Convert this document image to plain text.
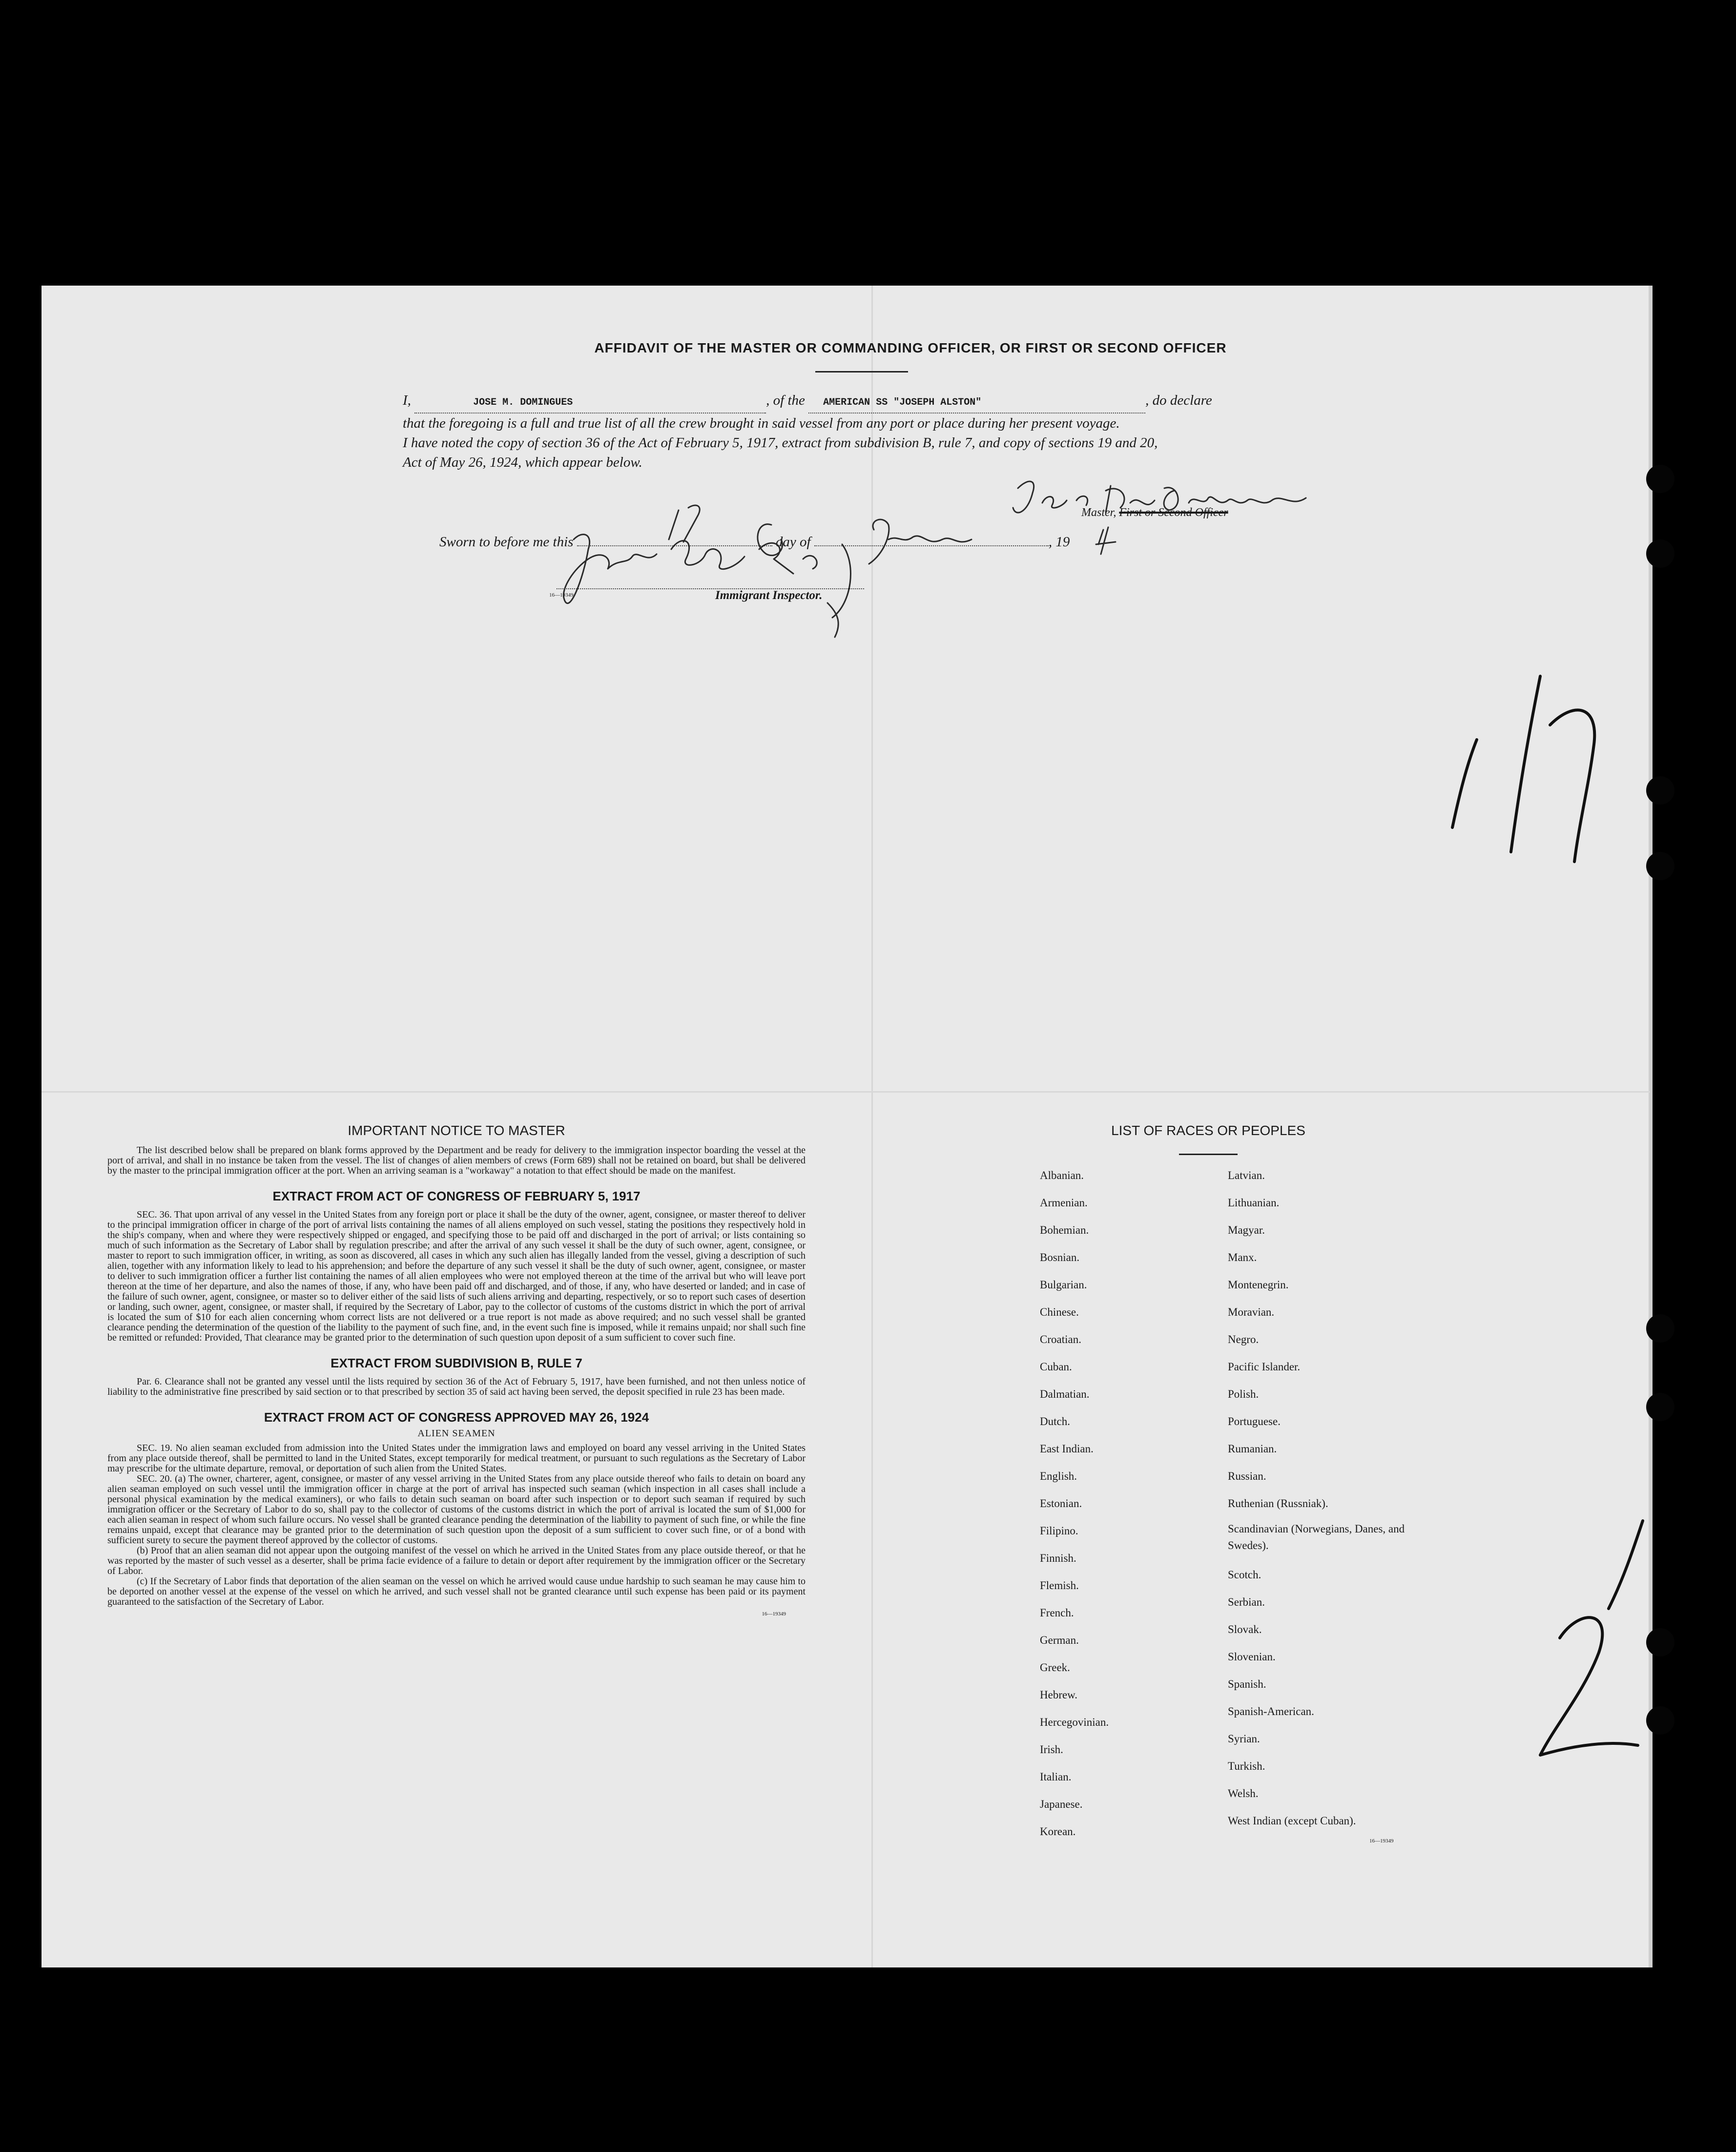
AFFIDAVIT OF THE MASTER OR COMMANDING OFFICER, OR FIRST OR SECOND OFFICER
I,	JOSE M. DOMINGUES	, of the AMERICAN SS "JOSEPH ALSTON"	, do declare
that the foregoing is a full and true list of all the crew brought in said vessel from any port or place during her present voyage.
I have noted the copy of section 36 of the Act of February 5, 1917, extract from subdivision B, rule 7, and copy of sections 19 and 20,
Act of May 26, 1924, which appear below.
Master, First or Second Officer
Sworn to before me this	day of	, 19
16—19349	Immigrant Inspector.
IMPORTANT NOTICE TO MASTER
The list described below shall be prepared on blank forms approved by the Department and be ready for delivery to the immigration inspector boarding the vessel at the port of arrival, and shall in no instance be taken from the vessel. The list of changes of alien members of crews (Form 689) shall not be retained on board, but shall be delivered by the master to the principal immigration officer at the port. When an arriving seaman is a "workaway" a notation to that effect should be made on the manifest.
EXTRACT FROM ACT OF CONGRESS OF FEBRUARY 5, 1917
SEC. 36. That upon arrival of any vessel in the United States from any foreign port or place it shall be the duty of the owner, agent, consignee, or master thereof to deliver to the principal immigration officer in charge of the port of arrival lists containing the names of all aliens employed on such vessel, stating the positions they respectively hold in the ship's company, when and where they were respectively shipped or engaged, and specifying those to be paid off and discharged in the port of arrival; or lists containing so much of such information as the Secretary of Labor shall by regulation prescribe; and after the arrival of any such vessel it shall be the duty of such owner, agent, consignee, or master to report to such immigration officer, in writing, as soon as discovered, all cases in which any such alien has illegally landed from the vessel, giving a description of such alien, together with any information likely to lead to his apprehension; and before the departure of any such vessel it shall be the duty of such owner, agent, consignee, or master to deliver to such immigration officer a further list containing the names of all alien employees who were not employed thereon at the time of the arrival but who will leave port thereon at the time of her departure, and also the names of those, if any, who have been paid off and discharged, and of those, if any, who have deserted or landed; and in case of the failure of such owner, agent, consignee, or master so to deliver either of the said lists of such aliens arriving and departing, respectively, or so to report such cases of desertion or landing, such owner, agent, consignee, or master shall, if required by the Secretary of Labor, pay to the collector of customs of the customs district in which the port of arrival is located the sum of $10 for each alien concerning whom correct lists are not delivered or a true report is not made as above required; and no such vessel shall be granted clearance pending the determination of the question of the liability to the payment of such fine, and, in the event such fine is imposed, while it remains unpaid; nor shall such fine be remitted or refunded: Provided, That clearance may be granted prior to the determination of such question upon deposit of a sum sufficient to cover such fine.
EXTRACT FROM SUBDIVISION B, RULE 7
Par. 6. Clearance shall not be granted any vessel until the lists required by section 36 of the Act of February 5, 1917, have been furnished, and not then unless notice of liability to the administrative fine prescribed by said section or to that prescribed by section 35 of said act having been served, the deposit specified in rule 23 has been made.
EXTRACT FROM ACT OF CONGRESS APPROVED MAY 26, 1924
ALIEN SEAMEN
SEC. 19. No alien seaman excluded from admission into the United States under the immigration laws and employed on board any vessel arriving in the United States from any place outside thereof, shall be permitted to land in the United States, except temporarily for medical treatment, or pursuant to such regulations as the Secretary of Labor may prescribe for the ultimate departure, removal, or deportation of such alien from the United States.
SEC. 20. (a) The owner, charterer, agent, consignee, or master of any vessel arriving in the United States from any place outside thereof who fails to detain on board any alien seaman employed on such vessel until the immigration officer in charge at the port of arrival has inspected such seaman (which inspection in all cases shall include a personal physical examination by the medical examiners), or who fails to detain such seaman on board after such inspection or to deport such seaman if required by such immigration officer or the Secretary of Labor to do so, shall pay to the collector of customs of the customs district in which the port of arrival is located the sum of $1,000 for each alien seaman in respect of whom such failure occurs. No vessel shall be granted clearance pending the determination of the liability to payment of such fine, or while the fine remains unpaid, except that clearance may be granted prior to the determination of such question upon the deposit of a sum sufficient to cover such fine, or of a bond with sufficient surety to secure the payment thereof approved by the collector of customs.
(b) Proof that an alien seaman did not appear upon the outgoing manifest of the vessel on which he arrived in the United States from any place outside thereof, or that he was reported by the master of such vessel as a deserter, shall be prima facie evidence of a failure to detain or deport after requirement by the immigration officer or the Secretary of Labor.
(c) If the Secretary of Labor finds that deportation of the alien seaman on the vessel on which he arrived would cause undue hardship to such seaman he may cause him to be deported on another vessel at the expense of the vessel on which he arrived, and such vessel shall not be granted clearance until such expense has been paid or its payment guaranteed to the satisfaction of the Secretary of Labor.
16—19349
LIST OF RACES OR PEOPLES
Albanian.
Armenian.
Bohemian.
Bosnian.
Bulgarian.
Chinese.
Croatian.
Cuban.
Dalmatian.
Dutch.
East Indian.
English.
Estonian.
Filipino.
Finnish.
Flemish.
French.
German.
Greek.
Hebrew.
Hercegovinian.
Irish.
Italian.
Japanese.
Korean.
Latvian.
Lithuanian.
Magyar.
Manx.
Montenegrin.
Moravian.
Negro.
Pacific Islander.
Polish.
Portuguese.
Rumanian.
Russian.
Ruthenian (Russniak).
Scandinavian (Norwegians, Danes, and Swedes).
Scotch.
Serbian.
Slovak.
Slovenian.
Spanish.
Spanish-American.
Syrian.
Turkish.
Welsh.
West Indian (except Cuban).
16—19349
